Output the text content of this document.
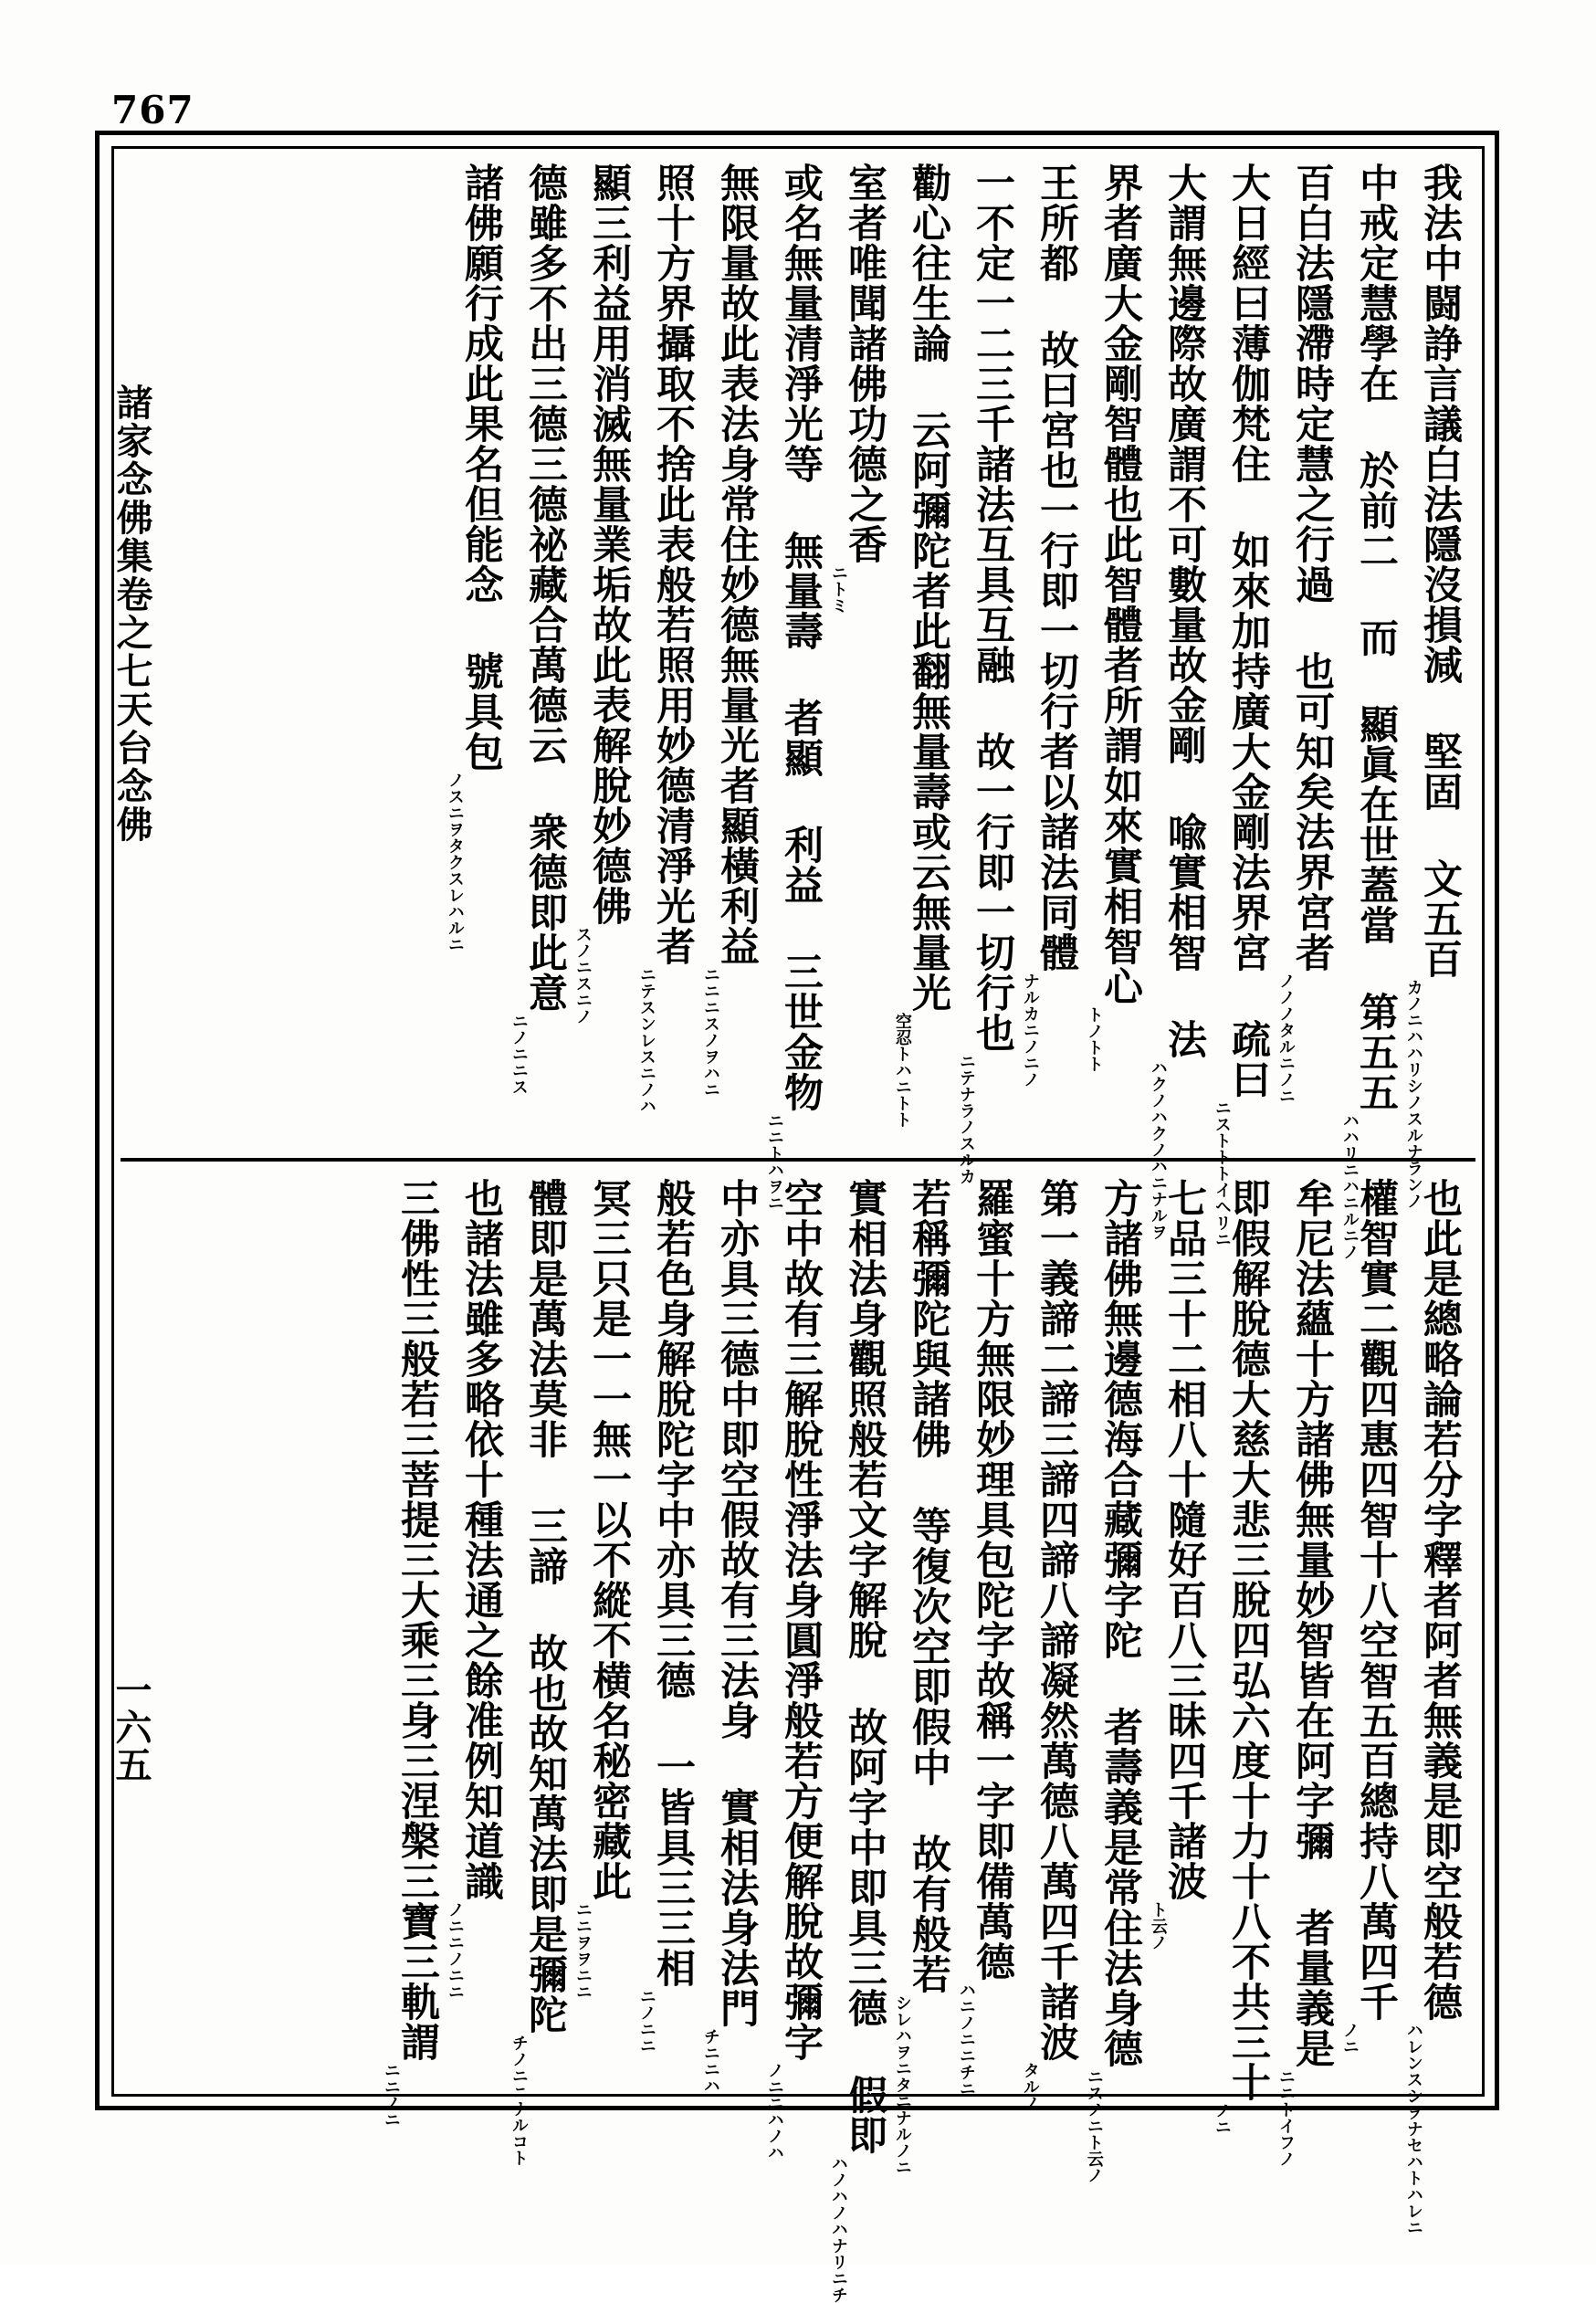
767
諸家念佛集卷之七天台念佛
一六五
我法中闘諍言議白法隱沒損減 堅固 文五百
カノニハハリシノスルナランノ
中戒定慧學在 於前二 而 顯眞在世蓋當 第五五
ハハリニハニルニノ
百白法隱滯時定慧之行過 也可知矣法界宮者
ノノノタルニノニ
大日經曰薄伽梵住 如來加持廣大金剛法界宮 疏曰
ニストトトイヘリニ
大謂無邊際故廣謂不可數量故金剛 喩實相智 法
ハクノハクノハニナルヲ
界者廣大金剛智體也此智體者所謂如來實相智心
トノトト
王所都 故曰宮也一行即一切行者以諸法同體
ナルカニノニノ
一不定一二三千諸法互具互融 故一行即一切行也
ニテナラノスルカ
勸心往生論 云阿彌陀者此翻無量壽或云無量光
空忍トハニトト
室者唯聞諸佛功德之香
ニトミ
或名無量清淨光等 無量壽 者顯 利益 三世金物
ニニトハヲニ
無限量故此表法身常住妙德無量光者顯橫利益
ニニニスノヲハニ
照十方界攝取不捨此表般若照用妙德清淨光者
ニテスンレスニノハ
顯三利益用消滅無量業垢故此表解脫妙德佛
スノニスニノ
德雖多不出三德三德祕藏合萬德云 衆德即此意
ニノニニス
諸佛願行成此果名但能念 號具包
ノスニヲタクスレハルニ
也此是總略論若分字釋者阿者無義是即空般若德
ハレンスシヲナセハトハレニ
權智實二觀四惠四智十八空智五百總持八萬四千
ノニ
牟尼法蘊十方諸佛無量妙智皆在阿字彌 者量義是
ニニトイフノ
即假解脫德大慈大悲三脫四弘六度十力十八不共三十
ノニ
七品三十二相八十隨好百八三昧四千諸波
ト云ノ
方諸佛無邊德海合藏彌字陀 者壽義是常住法身德
ニスノニト云ノ
第一義諦二諦三諦四諦八諦凝然萬德八萬四千諸波
タルノ
羅蜜十方無限妙理具包陀字故稱一字即備萬德
ハニノニニチニ
若稱彌陀與諸佛 等復次空即假中 故有般若
シレハヲニタニナルノニ
實相法身觀照般若文字解脫 故阿字中即具三德 假即
ハノハノハナリニチ
空中故有三解脫性淨法身圓淨般若方便解脫故彌字
ノニニハノハ
中亦具三德中即空假故有三法身 實相法身法門
チニニハ
般若色身解脫陀字中亦具三德 一皆具三三相
ニノニニ
冥三只是一一無一以不縱不横名秘密藏此
ニニヲヲニニ
體即是萬法莫非 三諦 故也故知萬法即是彌陀
チノニニナルコト
也諸法雖多略依十種法通之餘准例知道識
ノニニノニニ
三佛性三般若三菩提三大乘三身三涅槃三寶三軌謂
ニニノニ
